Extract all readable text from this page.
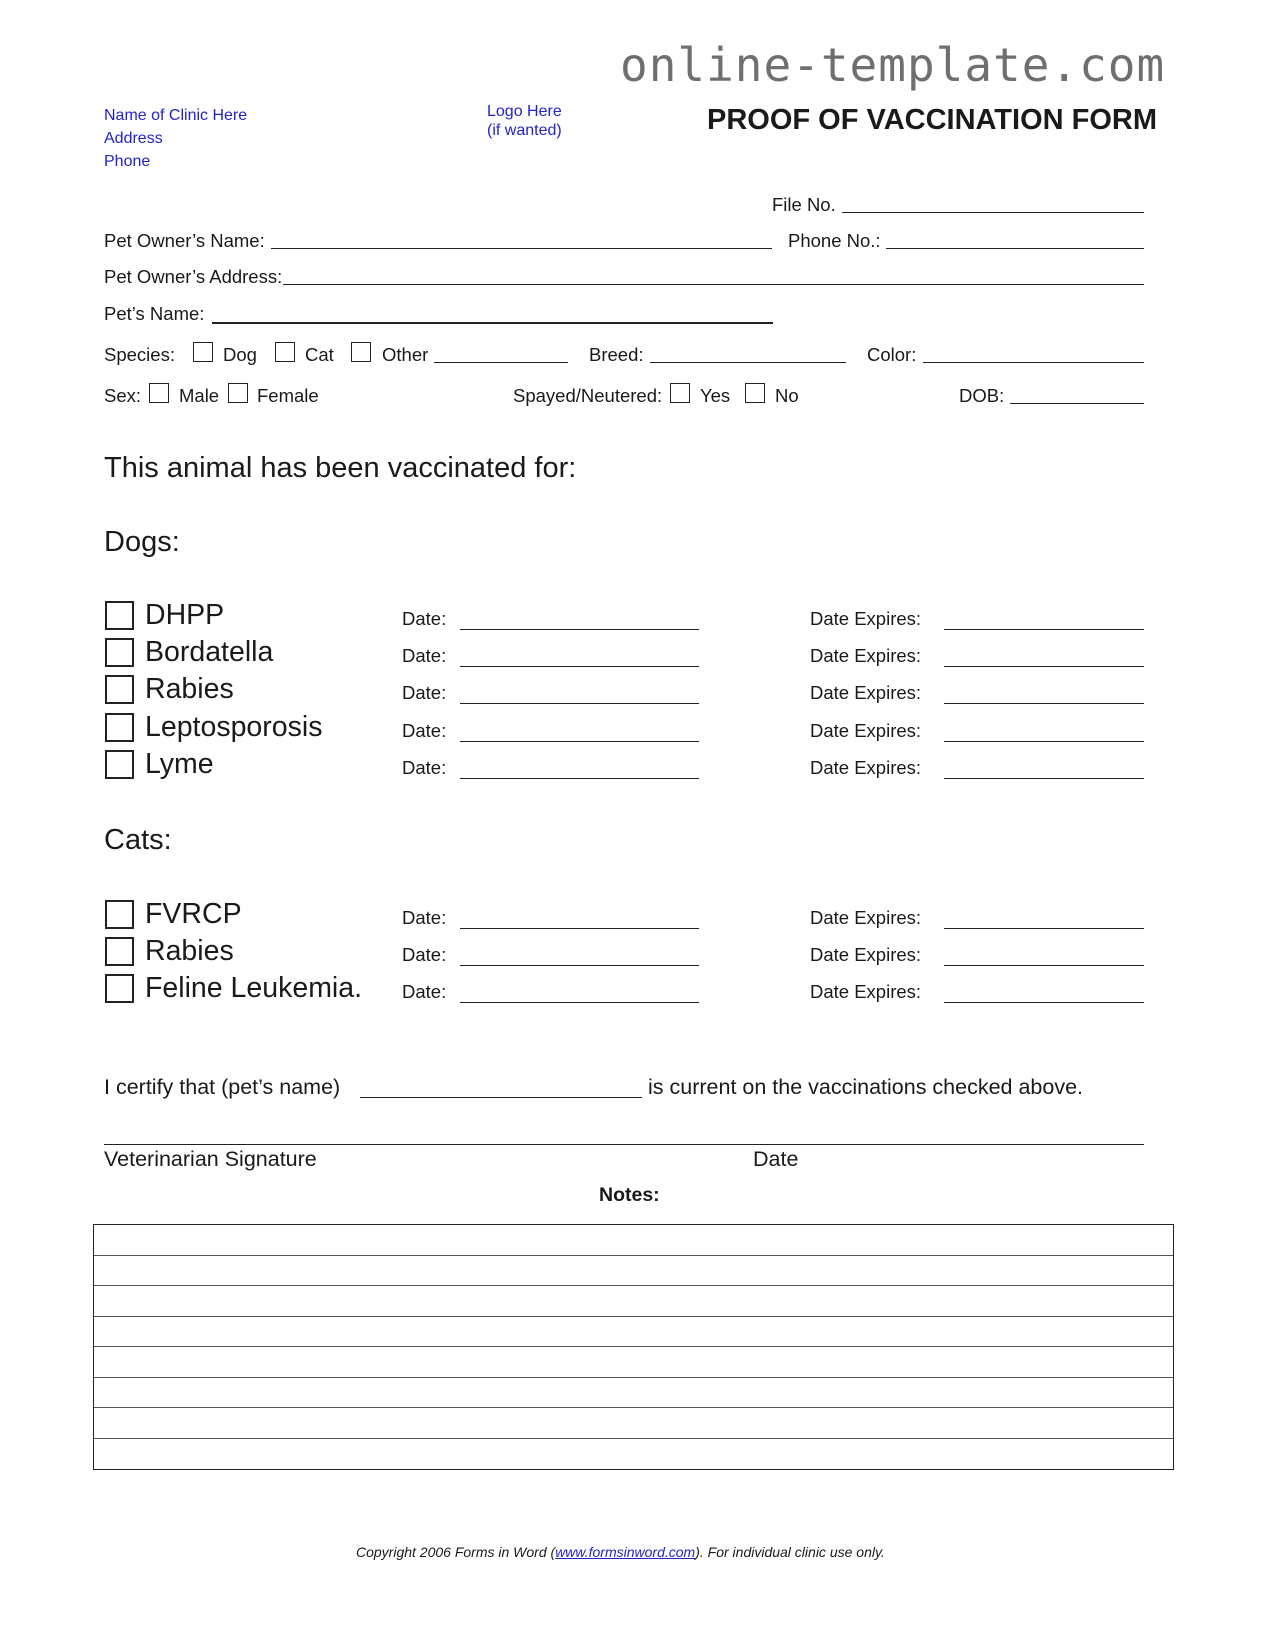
online-template.com
Name of Clinic Here
Address
Phone
Logo Here
(if wanted)	PROOF OF VACCINATION FORM
File No.
Pet Owner’s Name:	Phone No.:
Pet Owner’s Address:
Pet’s Name:
Species:	Dog	Cat	Other	Breed:	Color:
Sex: Male Female	Spayed/Neutered: Yes No	DOB:
This animal has been vaccinated for:
Dogs:
DHPP	Date:	Date Expires:
Bordatella	Date:	Date Expires:
Rabies	Date:	Date Expires:
Leptosporosis	Date:	Date Expires:
Lyme	Date:	Date Expires:
Cats:
FVRCP	Date:	Date Expires:
Rabies	Date:	Date Expires:
Feline Leukemia. Date:	Date Expires:
I certify that (pet’s name)	is current on the vaccinations checked above.
Veterinarian Signature	Date
Notes:
Copyright 2006 Forms in Word (www.formsinword.com). For individual clinic use only.
